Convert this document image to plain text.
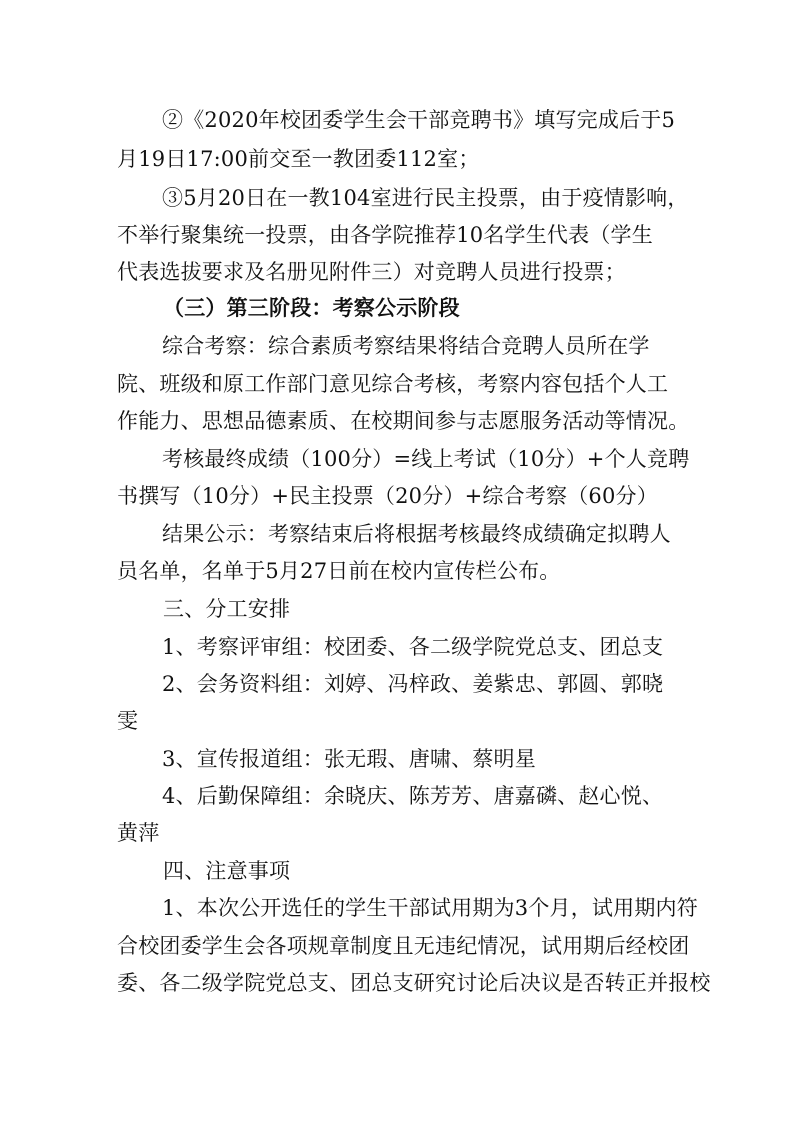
②《2020年校团委学生会干部竞聘书》填写完成后于5
月19日17:00前交至一教团委112室；
③5月20日在一教104室进行民主投票，由于疫情影响，
不举行聚集统一投票，由各学院推荐10名学生代表（学生
代表选拔要求及名册见附件三）对竞聘人员进行投票；
（三）第三阶段：考察公示阶段
综合考察：综合素质考察结果将结合竞聘人员所在学
院、班级和原工作部门意见综合考核，考察内容包括个人工
作能力、思想品德素质、在校期间参与志愿服务活动等情况。
考核最终成绩（100分）=线上考试（10分）+个人竞聘
书撰写（10分）+民主投票（20分）+综合考察（60分）
结果公示：考察结束后将根据考核最终成绩确定拟聘人
员名单，名单于5月27日前在校内宣传栏公布。
三、分工安排
1、考察评审组：校团委、各二级学院党总支、团总支
2、会务资料组：刘婷、冯梓政、姜紫忠、郭圆、郭晓
雯
3、宣传报道组：张无瑕、唐啸、蔡明星
4、后勤保障组：余晓庆、陈芳芳、唐嘉磷、赵心悦、
黄萍
四、注意事项
1、本次公开选任的学生干部试用期为3个月，试用期内符
合校团委学生会各项规章制度且无违纪情况，试用期后经校团
委、各二级学院党总支、团总支研究讨论后决议是否转正并报校
